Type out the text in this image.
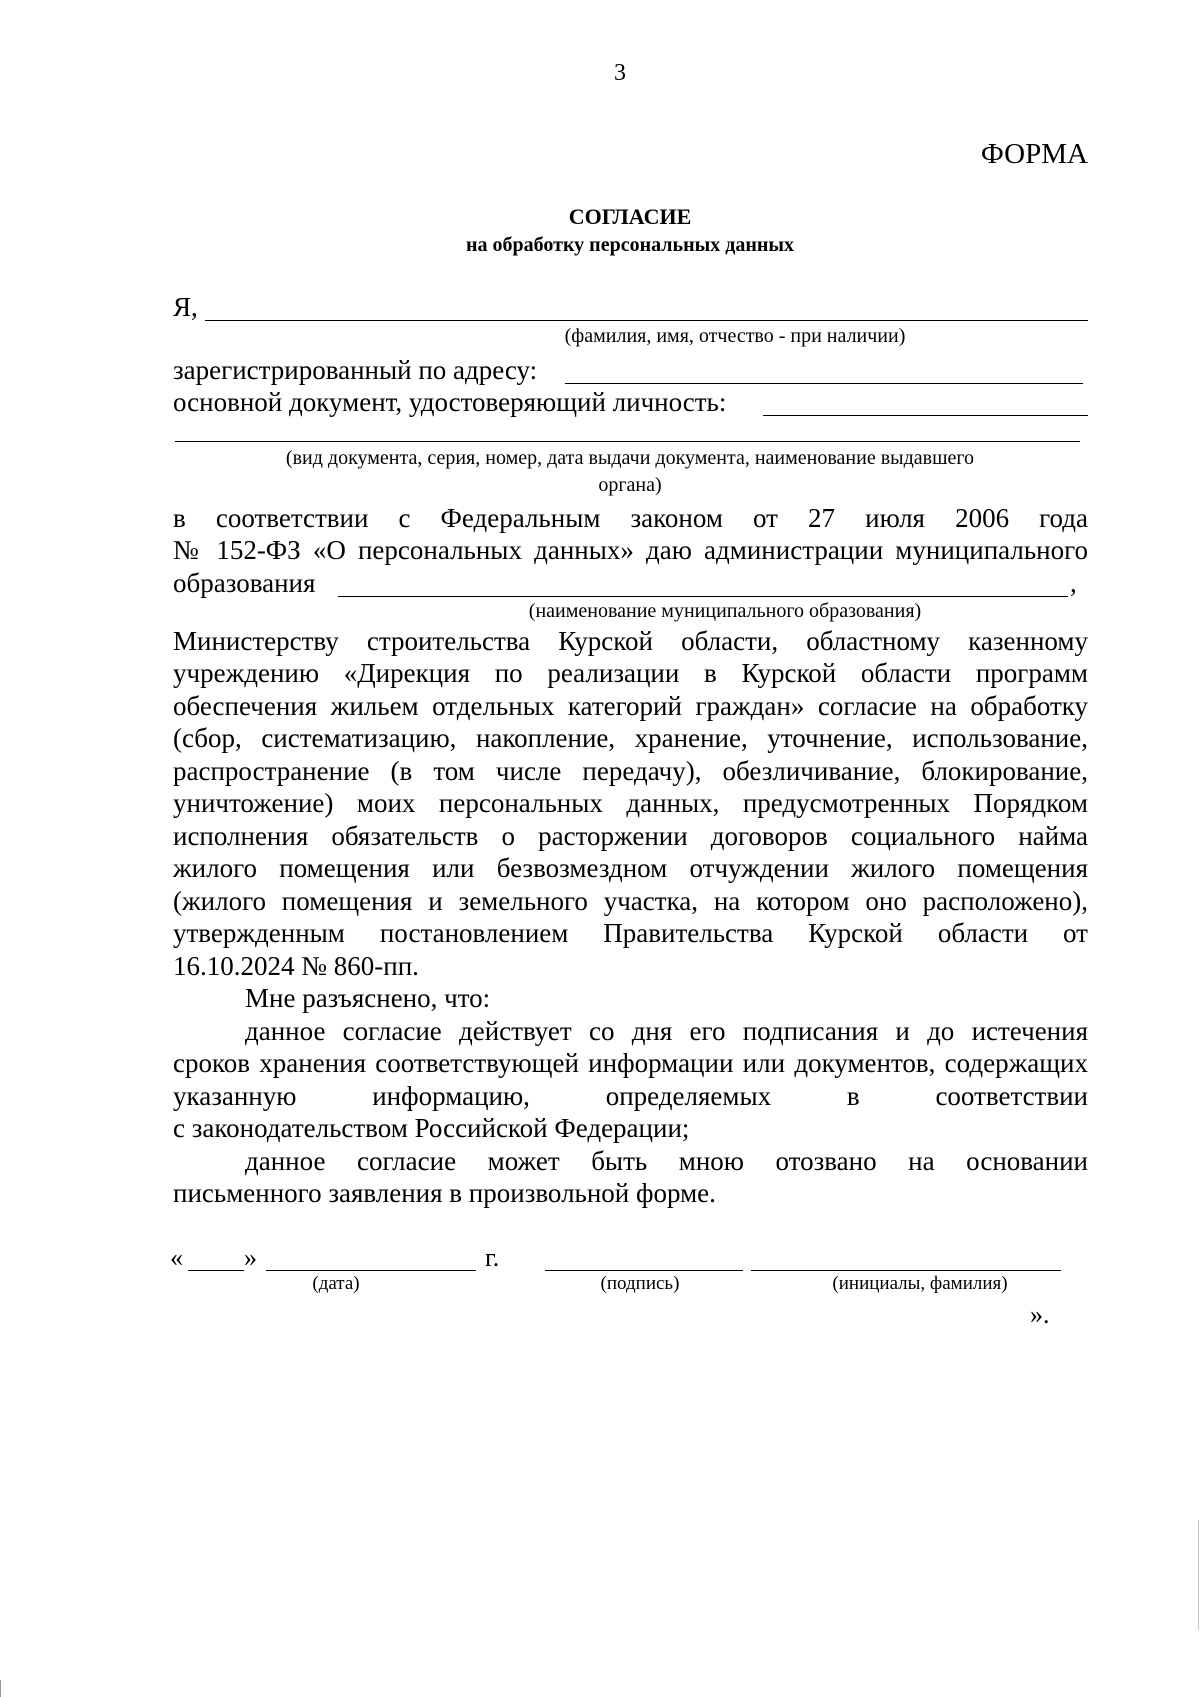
3
ФОРМА
СОГЛАСИЕ
на обработку персональных данных
Я,
(фамилия, имя, отчество - при наличии)
зарегистрированный по адресу:
основной документ, удостоверяющий личность:
(вид документа, серия, номер, дата выдачи документа, наименование выдавшего
органа)
в соответствии с Федеральным законом от 27 июля 2006 года
№ 152-ФЗ «О персональных данных» даю администрации муниципального
образования	,
(наименование муниципального образования)
Министерству строительства Курской области, областному казенному
учреждению «Дирекция по реализации в Курской области программ
обеспечения жильем отдельных категорий граждан» согласие на обработку
(сбор, систематизацию, накопление, хранение, уточнение, использование,
распространение (в том числе передачу), обезличивание, блокирование,
уничтожение) моих персональных данных, предусмотренных Порядком
исполнения обязательств о расторжении договоров социального найма
жилого помещения или безвозмездном отчуждении жилого помещения
(жилого помещения и земельного участка, на котором оно расположено),
утвержденным постановлением Правительства Курской области от
16.10.2024 № 860-пп.
Мне разъяснено, что:
данное согласие действует со дня его подписания и до истечения
сроков хранения соответствующей информации или документов, содержащих
указанную информацию, определяемых в соответствии
с законодательством Российской Федерации;
данное согласие может быть мною отозвано на основании
письменного заявления в произвольной форме.
« »	г.
(дата)	(подпись)	(инициалы, фамилия)
».
